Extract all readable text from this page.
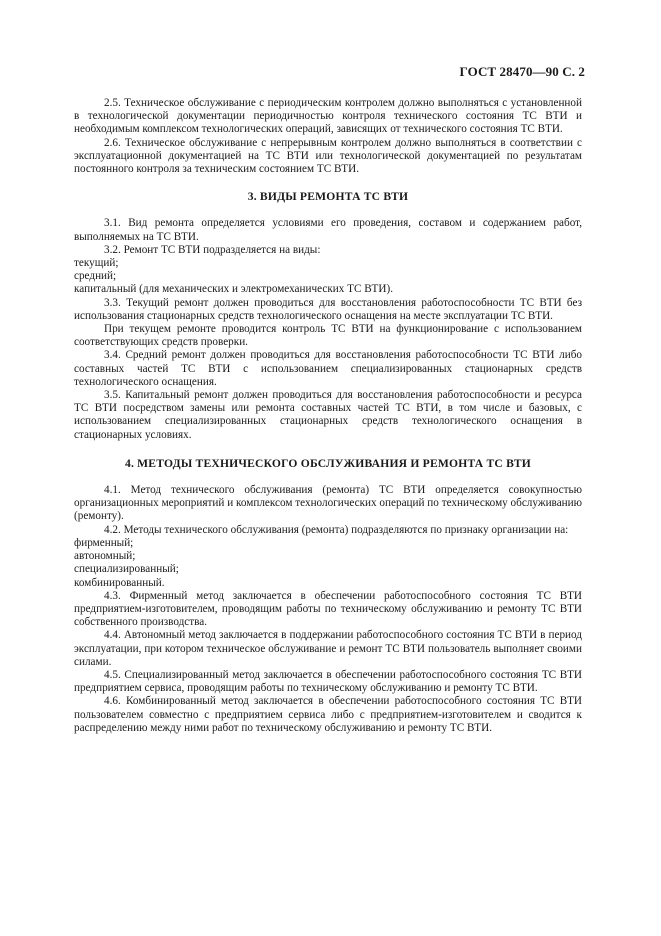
ГОСТ 28470—90 С. 2

2.5. Техническое обслуживание с периодическим контролем должно выполняться с установленной в технологической документации периодичностью контроля технического состояния ТС ВТИ и необходимым комплексом технологических операций, зависящих от технического состояния ТС ВТИ.

2.6. Техническое обслуживание с непрерывным контролем должно выполняться в соответствии с эксплуатационной документацией на ТС ВТИ или технологической документацией по результатам постоянного контроля за техническим состоянием ТС ВТИ.

3. ВИДЫ РЕМОНТА ТС ВТИ

3.1. Вид ремонта определяется условиями его проведения, составом и содержанием работ, выполняемых на ТС ВТИ.

3.2. Ремонт ТС ВТИ подразделяется на виды:

текущий;

средний;

капитальный (для механических и электромеханических ТС ВТИ).

3.3. Текущий ремонт должен проводиться для восстановления работоспособности ТС ВТИ без использования стационарных средств технологического оснащения на месте эксплуатации ТС ВТИ.

При текущем ремонте проводится контроль ТС ВТИ на функционирование с использованием соответствующих средств проверки.

3.4. Средний ремонт должен проводиться для восстановления работоспособности ТС ВТИ либо составных частей ТС ВТИ с использованием специализированных стационарных средств технологического оснащения.

3.5. Капитальный ремонт должен проводиться для восстановления работоспособности и ресурса ТС ВТИ посредством замены или ремонта составных частей ТС ВТИ, в том числе и базовых, с использованием специализированных стационарных средств технологического оснащения в стационарных условиях.

4. МЕТОДЫ ТЕХНИЧЕСКОГО ОБСЛУЖИВАНИЯ И РЕМОНТА ТС ВТИ

4.1. Метод технического обслуживания (ремонта) ТС ВТИ определяется совокупностью организационных мероприятий и комплексом технологических операций по техническому обслуживанию (ремонту).

4.2. Методы технического обслуживания (ремонта) подразделяются по признаку организации на:

фирменный;

автономный;

специализированный;

комбинированный.

4.3. Фирменный метод заключается в обеспечении работоспособного состояния ТС ВТИ предприятием-изготовителем, проводящим работы по техническому обслуживанию и ремонту ТС ВТИ собственного производства.

4.4. Автономный метод заключается в поддержании работоспособного состояния ТС ВТИ в период эксплуатации, при котором техническое обслуживание и ремонт ТС ВТИ пользователь выполняет своими силами.

4.5. Специализированный метод заключается в обеспечении работоспособного состояния ТС ВТИ предприятием сервиса, проводящим работы по техническому обслуживанию и ремонту ТС ВТИ.

4.6. Комбинированный метод заключается в обеспечении работоспособного состояния ТС ВТИ пользователем совместно с предприятием сервиса либо с предприятием-изготовителем и сводится к распределению между ними работ по техническому обслуживанию и ремонту ТС ВТИ.
